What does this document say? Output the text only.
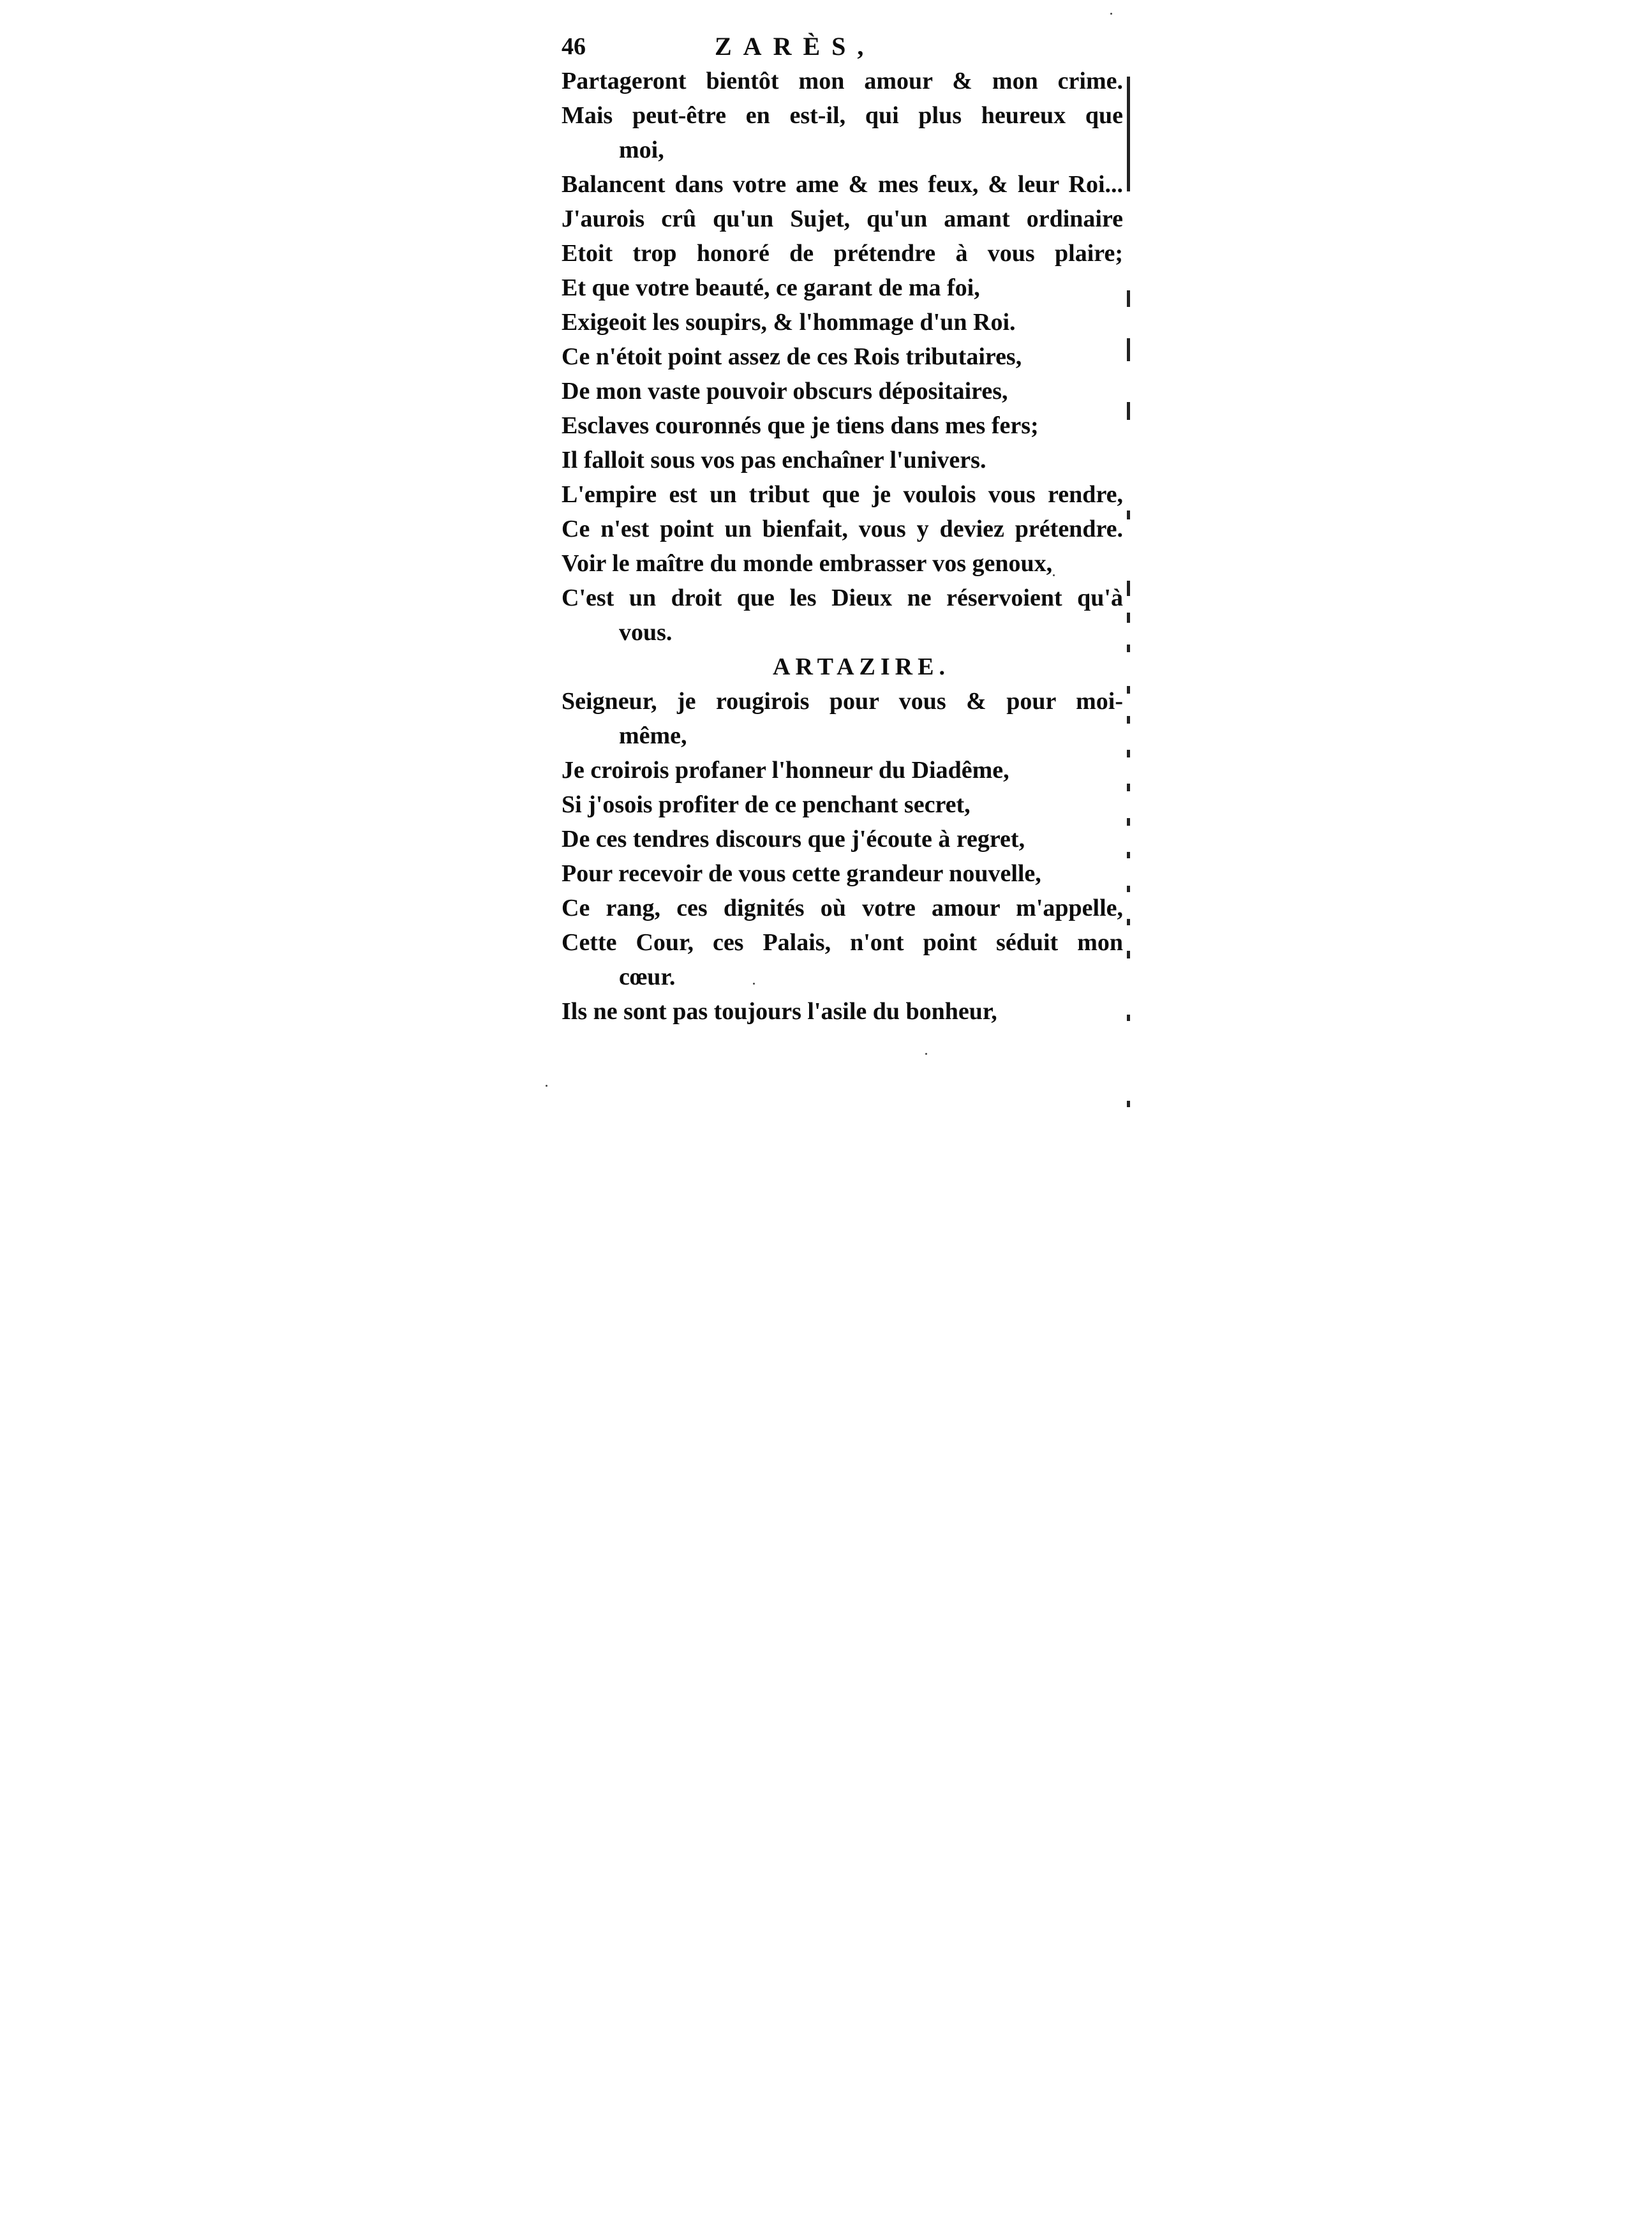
46	ZARÈS,
Partageront bientôt mon amour & mon crime.
Mais peut-être en est-il, qui plus heureux que
moi,
Balancent dans votre ame & mes feux, & leur Roi...
J'aurois crû qu'un Sujet, qu'un amant ordinaire
Etoit trop honoré de prétendre à vous plaire;
Et que votre beauté, ce garant de ma foi,
Exigeoit les soupirs, & l'hommage d'un Roi.
Ce n'étoit point assez de ces Rois tributaires,
De mon vaste pouvoir obscurs dépositaires,
Esclaves couronnés que je tiens dans mes fers;
Il falloit sous vos pas enchaîner l'univers.
L'empire est un tribut que je voulois vous rendre,
Ce n'est point un bienfait, vous y deviez prétendre.
Voir le maître du monde embrasser vos genoux,
C'est un droit que les Dieux ne réservoient qu'à
vous.
ARTAZIRE.
Seigneur, je rougirois pour vous & pour moi-
même,
Je croirois profaner l'honneur du Diadême,
Si j'osois profiter de ce penchant secret,
De ces tendres discours que j'écoute à regret,
Pour recevoir de vous cette grandeur nouvelle,
Ce rang, ces dignités où votre amour m'appelle,
Cette Cour, ces Palais, n'ont point séduit mon
cœur.
Ils ne sont pas toujours l'asile du bonheur,
